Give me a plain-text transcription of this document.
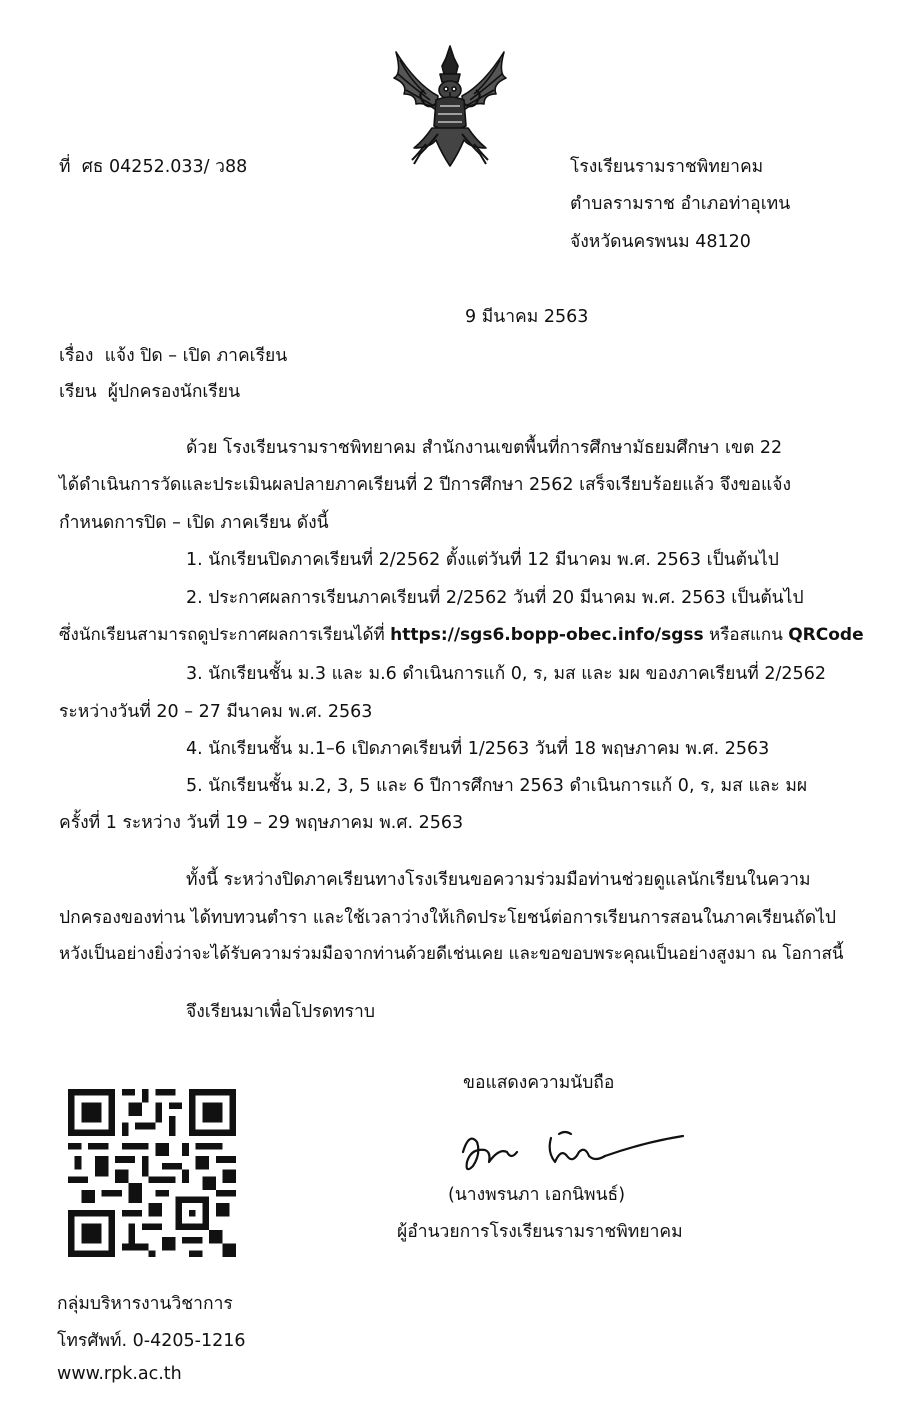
ที่ ศธ 04252.033/ ว88	โรงเรียนรามราชพิทยาคม
ตำบลรามราช อำเภอท่าอุเทน
จังหวัดนครพนม 48120
9 มีนาคม 2563
เรื่อง แจ้ง ปิด – เปิด ภาคเรียน
เรียน ผู้ปกครองนักเรียน
ด้วย โรงเรียนรามราชพิทยาคม สำนักงานเขตพื้นที่การศึกษามัธยมศึกษา เขต 22
ได้ดำเนินการวัดและประเมินผลปลายภาคเรียนที่ 2 ปีการศึกษา 2562 เสร็จเรียบร้อยแล้ว จึงขอแจ้ง
กำหนดการปิด – เปิด ภาคเรียน ดังนี้
1. นักเรียนปิดภาคเรียนที่ 2/2562 ตั้งแต่วันที่ 12 มีนาคม พ.ศ. 2563 เป็นต้นไป
2. ประกาศผลการเรียนภาคเรียนที่ 2/2562 วันที่ 20 มีนาคม พ.ศ. 2563 เป็นต้นไป
ซึ่งนักเรียนสามารถดูประกาศผลการเรียนได้ที่ https://sgs6.bopp-obec.info/sgss หรือสแกน QRCode
3. นักเรียนชั้น ม.3 และ ม.6 ดำเนินการแก้ 0, ร, มส และ มผ ของภาคเรียนที่ 2/2562
ระหว่างวันที่ 20 – 27 มีนาคม พ.ศ. 2563
4. นักเรียนชั้น ม.1–6 เปิดภาคเรียนที่ 1/2563 วันที่ 18 พฤษภาคม พ.ศ. 2563
5. นักเรียนชั้น ม.2, 3, 5 และ 6 ปีการศึกษา 2563 ดำเนินการแก้ 0, ร, มส และ มผ
ครั้งที่ 1 ระหว่าง วันที่ 19 – 29 พฤษภาคม พ.ศ. 2563
ทั้งนี้ ระหว่างปิดภาคเรียนทางโรงเรียนขอความร่วมมือท่านช่วยดูแลนักเรียนในความ
ปกครองของท่าน ได้ทบทวนตำรา และใช้เวลาว่างให้เกิดประโยชน์ต่อการเรียนการสอนในภาคเรียนถัดไป
หวังเป็นอย่างยิ่งว่าจะได้รับความร่วมมือจากท่านด้วยดีเช่นเคย และขอขอบพระคุณเป็นอย่างสูงมา ณ โอกาสนี้
จึงเรียนมาเพื่อโปรดทราบ
ขอแสดงความนับถือ
(นางพรนภา เอกนิพนธ์)
ผู้อำนวยการโรงเรียนรามราชพิทยาคม
กลุ่มบริหารงานวิชาการ
โทรศัพท์. 0-4205-1216
www.rpk.ac.th
